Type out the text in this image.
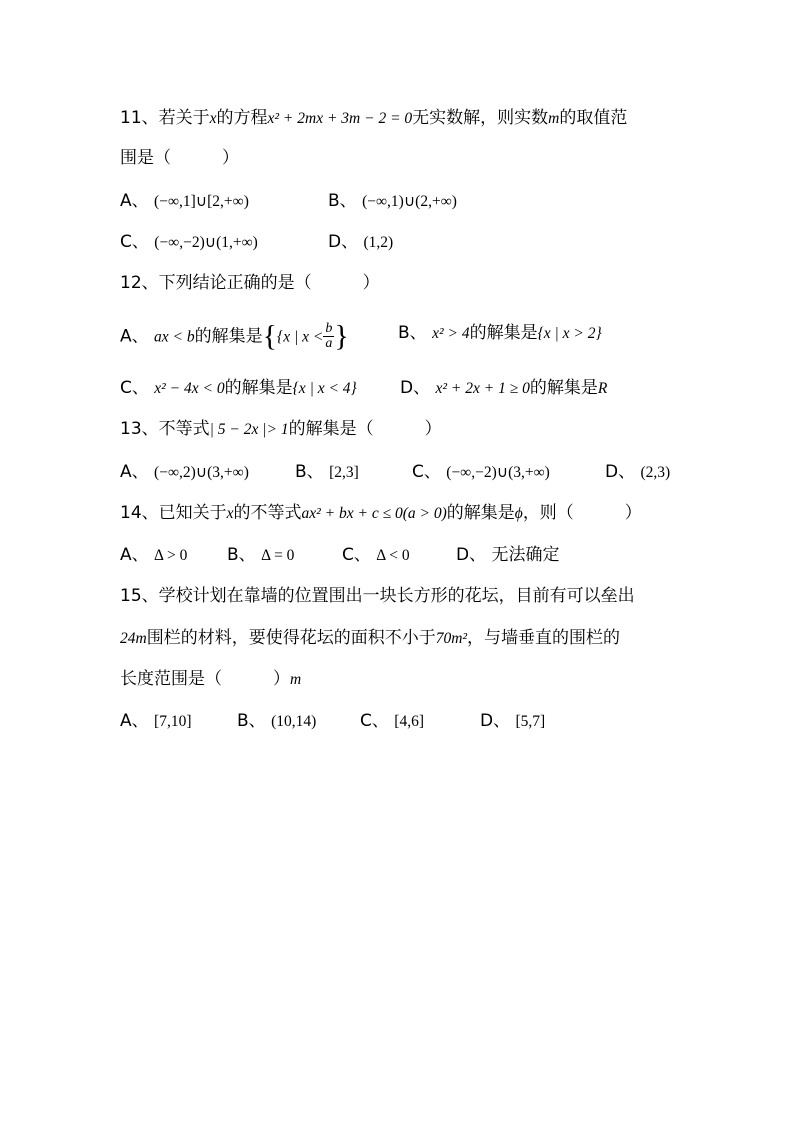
11、若关于x的方程x² + 2mx + 3m − 2 = 0无实数解，则实数m的取值范
围是（　　　）
A、 (−∞,1]∪[2,+∞)	B、 (−∞,1)∪(2,+∞)
C、 (−∞,−2)∪(1,+∞)	D、 (1,2)
12、下列结论正确的是（　　　）
A、 ax < b的解集是{{x | $x < \frac{b}{a}$ }	B、 x² > 4的解集是{x | x > 2}
C、 x² − 4x < 0的解集是{x | x < 4}	D、 x² + 2x + 1 ≥ 0的解集是R
13、不等式| 5 − 2x |> 1的解集是（　　　）
A、 (−∞,2)∪(3,+∞)	B、 [2,3]	C、 (−∞,−2)∪(3,+∞)	D、 (2,3)
14、已知关于x的不等式ax² + bx + c ≤ 0(a > 0)的解集是ϕ，则（　　　）
A、 Δ > 0 B、 Δ = 0	C、 Δ < 0	D、 无法确定
15、学校计划在靠墙的位置围出一块长方形的花坛，目前有可以垒出
24m围栏的材料，要使得花坛的面积不小于70m²，与墙垂直的围栏的
长度范围是（　　　）m
A、 [7,10]	B、 (10,14)	C、 [4,6]	D、 [5,7]
